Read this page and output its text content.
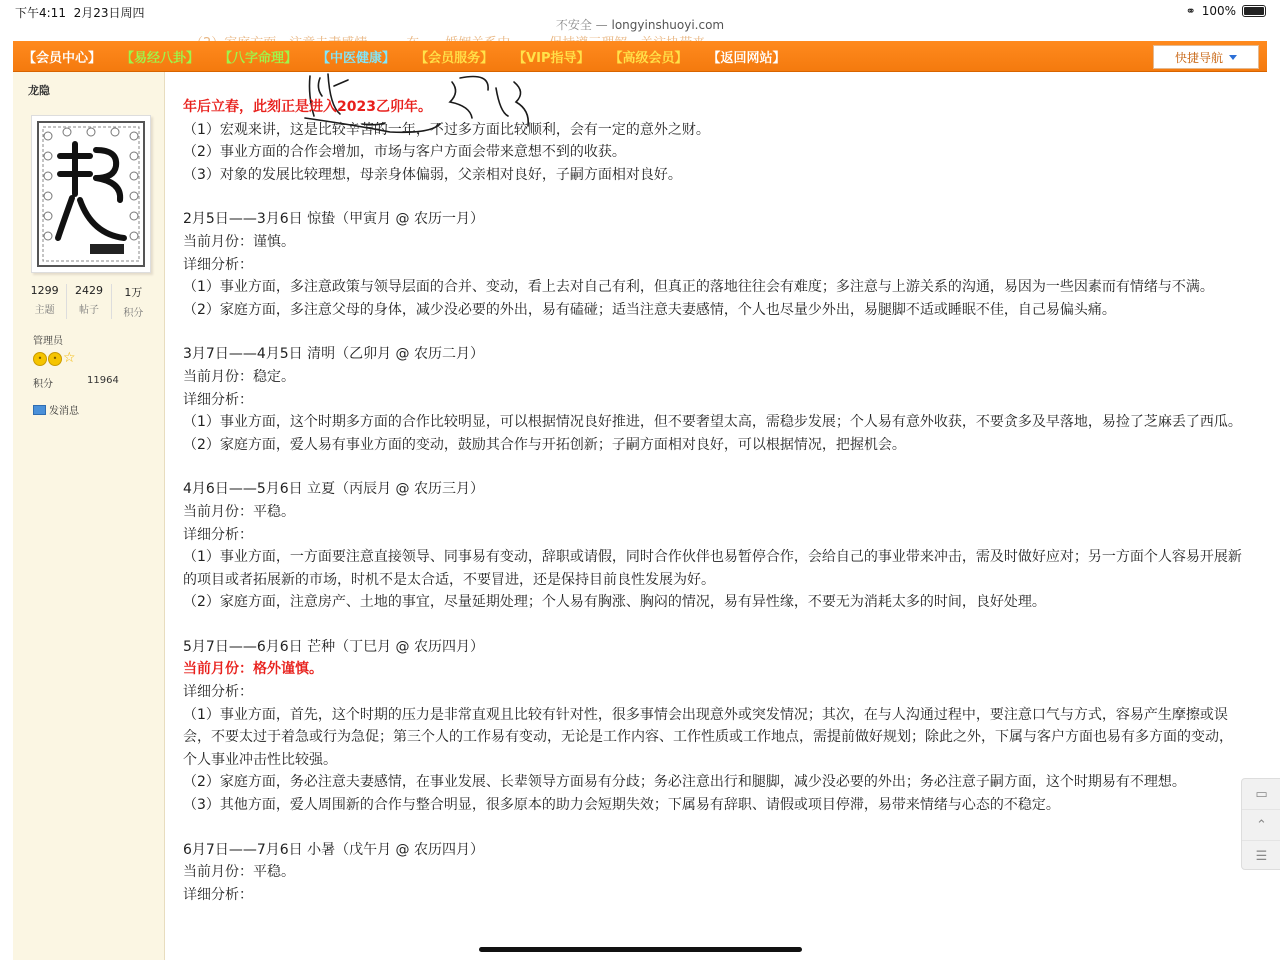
下午4:11 2月23日周四	⚭ 100%
不安全 — longyinshuoyi.com
【会员中心】	【易经八卦】	【八字命理】	【中医健康】	【会员服务】	【VIP指导】	【高级会员】	【返回网站】	快捷导航
龙隐
1299
主题
2429
帖子
1万
积分
管理员
•	• ☆
积分	11964
发消息

年后立春，此刻正是进入2023乙卯年。

（1）宏观来讲，这是比较辛苦的一年，不过多方面比较顺利，会有一定的意外之财。

（2）事业方面的合作会增加，市场与客户方面会带来意想不到的收获。

（3）对象的发展比较理想，母亲身体偏弱，父亲相对良好，子嗣方面相对良好。

2月5日——3月6日 惊蛰（甲寅月 @ 农历一月）

当前月份：谨慎。

详细分析：

（1）事业方面，多注意政策与领导层面的合并、变动，看上去对自己有利，但真正的落地往往会有难度；多注意与上游关系的沟通，易因为一些因素而有情绪与不满。

（2）家庭方面，多注意父母的身体，减少没必要的外出，易有磕碰；适当注意夫妻感情，个人也尽量少外出，易腿脚不适或睡眠不佳，自己易偏头痛。

3月7日——4月5日 清明（乙卯月 @ 农历二月）

当前月份：稳定。

详细分析：

（1）事业方面，这个时期多方面的合作比较明显，可以根据情况良好推进，但不要奢望太高，需稳步发展；个人易有意外收获，不要贪多及早落地，易捡了芝麻丢了西瓜。

（2）家庭方面，爱人易有事业方面的变动，鼓励其合作与开拓创新；子嗣方面相对良好，可以根据情况，把握机会。

4月6日——5月6日 立夏（丙辰月 @ 农历三月）

当前月份：平稳。

详细分析：

（1）事业方面，一方面要注意直接领导、同事易有变动，辞职或请假，同时合作伙伴也易暂停合作，会给自己的事业带来冲击，需及时做好应对；另一方面个人容易开展新的项目或者拓展新的市场，时机不是太合适，不要冒进，还是保持目前良性发展为好。

（2）家庭方面，注意房产、土地的事宜，尽量延期处理；个人易有胸涨、胸闷的情况，易有异性缘，不要无为消耗太多的时间，良好处理。

5月7日——6月6日 芒种（丁巳月 @ 农历四月）

当前月份：格外谨慎。

详细分析：

（1）事业方面，首先，这个时期的压力是非常直观且比较有针对性，很多事情会出现意外或突发情况；其次，在与人沟通过程中，要注意口气与方式，容易产生摩擦或误会，不要太过于着急或行为急促；第三个人的工作易有变动，无论是工作内容、工作性质或工作地点，需提前做好规划；除此之外，下属与客户方面也易有多方面的变动，个人事业冲击性比较强。

（2）家庭方面，务必注意夫妻感情，在事业发展、长辈领导方面易有分歧；务必注意出行和腿脚，减少没必要的外出；务必注意子嗣方面，这个时期易有不理想。

（3）其他方面，爱人周围新的合作与整合明显，很多原本的助力会短期失效；下属易有辞职、请假或项目停滞，易带来情绪与心态的不稳定。

6月7日——7月6日 小暑（戊午月 @ 农历四月）

当前月份：平稳。

详细分析：

▭
⌃
☰
